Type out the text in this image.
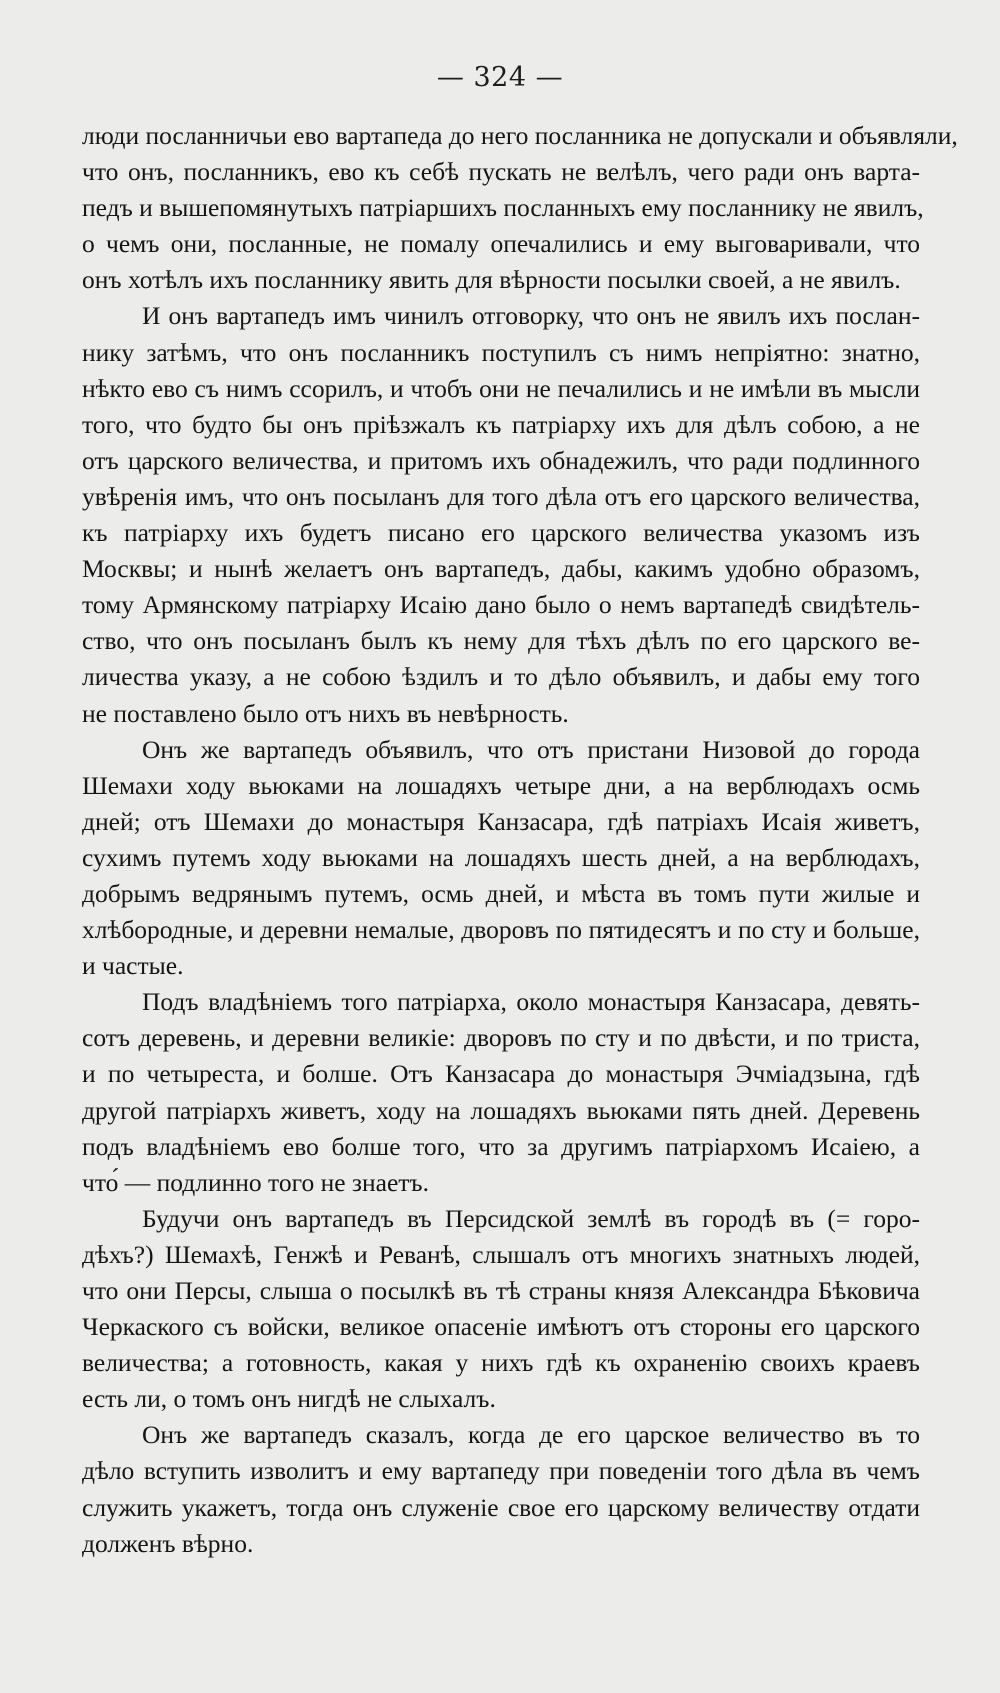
— 324 —
люди посланничьи ево вартапеда до него посланника не допускали и объявляли,
что онъ, посланникъ, ево къ себѣ пускать не велѣлъ, чего ради онъ варта-
педъ и вышепомянутыхъ патріаршихъ посланныхъ ему посланнику не явилъ,
о чемъ они, посланные, не помалу опечалились и ему выговаривали, что
онъ хотѣлъ ихъ посланнику явить для вѣрности посылки своей, а не явилъ.
И онъ вартапедъ имъ чинилъ отговорку, что онъ не явилъ ихъ послан-
нику затѣмъ, что онъ посланникъ поступилъ съ нимъ непріятно: знатно,
нѣкто ево съ нимъ ссорилъ, и чтобъ они не печалились и не имѣли въ мысли
того, что будто бы онъ пріѣзжалъ къ патріарху ихъ для дѣлъ собою, а не
отъ царского величества, и притомъ ихъ обнадежилъ, что ради подлинного
увѣренія имъ, что онъ посыланъ для того дѣла отъ его царского величества,
къ патріарху ихъ будетъ писано его царского величества указомъ изъ
Москвы; и нынѣ желаетъ онъ вартапедъ, дабы, какимъ удобно образомъ,
тому Армянскому патріарху Исаію дано было о немъ вартапедѣ свидѣтель-
ство, что онъ посыланъ былъ къ нему для тѣхъ дѣлъ по его царского ве-
личества указу, а не собою ѣздилъ и то дѣло объявилъ, и дабы ему того
не поставлено было отъ нихъ въ невѣрность.
Онъ же вартапедъ объявилъ, что отъ пристани Низовой до города
Шемахи ходу вьюками на лошадяхъ четыре дни, а на верблюдахъ осмь
дней; отъ Шемахи до монастыря Канзасара, гдѣ патріахъ Исаія живетъ,
сухимъ путемъ ходу вьюками на лошадяхъ шесть дней, а на верблюдахъ,
добрымъ ведрянымъ путемъ, осмь дней, и мѣста въ томъ пути жилые и
хлѣбородные, и деревни немалые, дворовъ по пятидесятъ и по сту и больше,
и частые.
Подъ владѣніемъ того патріарха, около монастыря Канзасара, девять-
сотъ деревень, и деревни великіе: дворовъ по сту и по двѣсти, и по триста,
и по четыреста, и болше. Отъ Канзасара до монастыря Эчміадзына, гдѣ
другой патріархъ живетъ, ходу на лошадяхъ вьюками пять дней. Деревень
подъ владѣніемъ ево болше того, что за другимъ патріархомъ Исаіею, а
что́ — подлинно того не знаетъ.
Будучи онъ вартапедъ въ Персидской землѣ въ городѣ въ (= горо-
дѣхъ?) Шемахѣ, Генжѣ и Реванѣ, слышалъ отъ многихъ знатныхъ людей,
что они Персы, слыша о посылкѣ въ тѣ страны князя Александра Бѣковича
Черкаского съ войски, великое опасеніе имѣютъ отъ стороны его царского
величества; а готовность, какая у нихъ гдѣ къ охраненію своихъ краевъ
есть ли, о томъ онъ нигдѣ не слыхалъ.
Онъ же вартапедъ сказалъ, когда де его царское величество въ то
дѣло вступить изволитъ и ему вартапеду при поведеніи того дѣла въ чемъ
служить укажетъ, тогда онъ служеніе свое его царскому величеству отдати
долженъ вѣрно.
